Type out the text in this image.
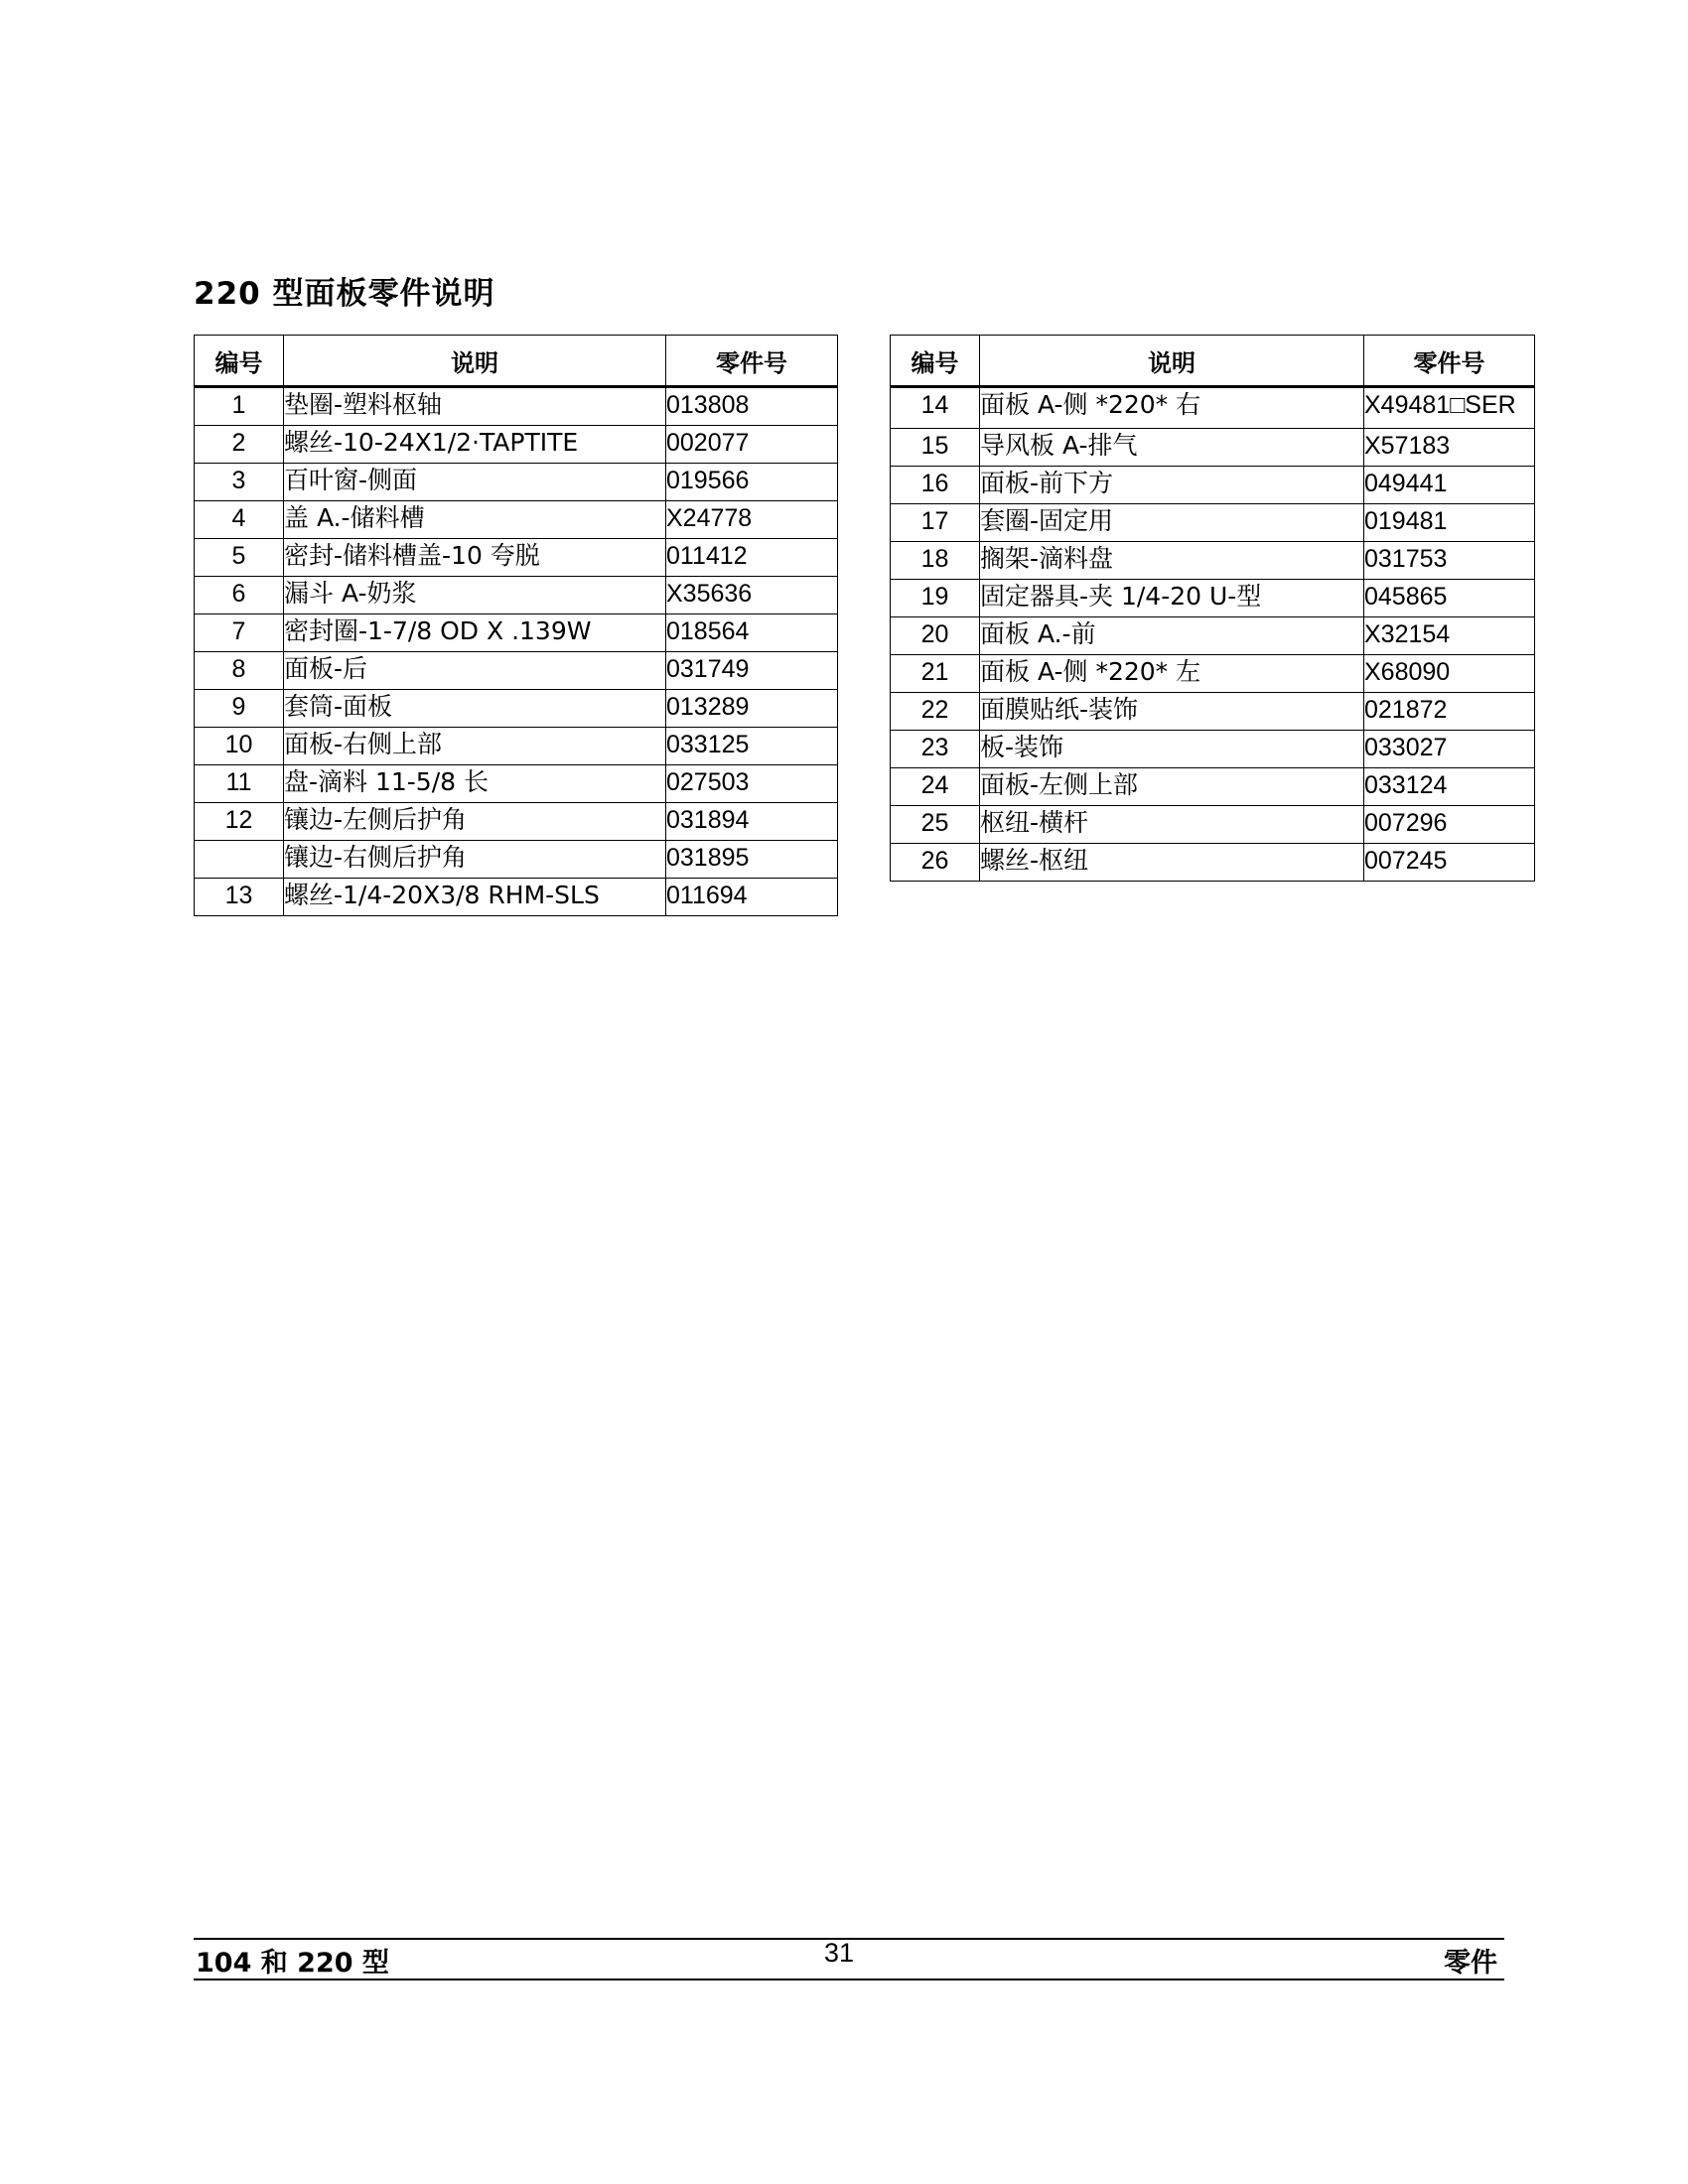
220 型面板零件说明
编号	说明	零件号
1	垫圈-塑料枢轴	013808
2	螺丝-10-24X1/2·TAPTITE	002077
3	百叶窗-侧面	019566
4	盖 A.-储料槽	X24778
5	密封-储料槽盖-10 夸脱	011412
6	漏斗 A-奶浆	X35636
7	密封圈-1-7/8 OD X .139W	018564
8	面板-后	031749
9	套筒-面板	013289
10	面板-右侧上部	033125
11	盘-滴料 11-5/8 长	027503
12	镶边-左侧后护角	031894
	镶边-右侧后护角	031895
13	螺丝-1/4-20X3/8 RHM-SLS	011694
编号	说明	零件号
14	面板 A-侧 *220* 右	X49481□SER
15	导风板 A-排气	X57183
16	面板-前下方	049441
17	套圈-固定用	019481
18	搁架-滴料盘	031753
19	固定器具-夹 1/4-20 U-型	045865
20	面板 A.-前	X32154
21	面板 A-侧 *220* 左	X68090
22	面膜贴纸-装饰	021872
23	板-装饰	033027
24	面板-左侧上部	033124
25	枢纽-横杆	007296
26	螺丝-枢纽	007245
104 和 220 型	31	零件
